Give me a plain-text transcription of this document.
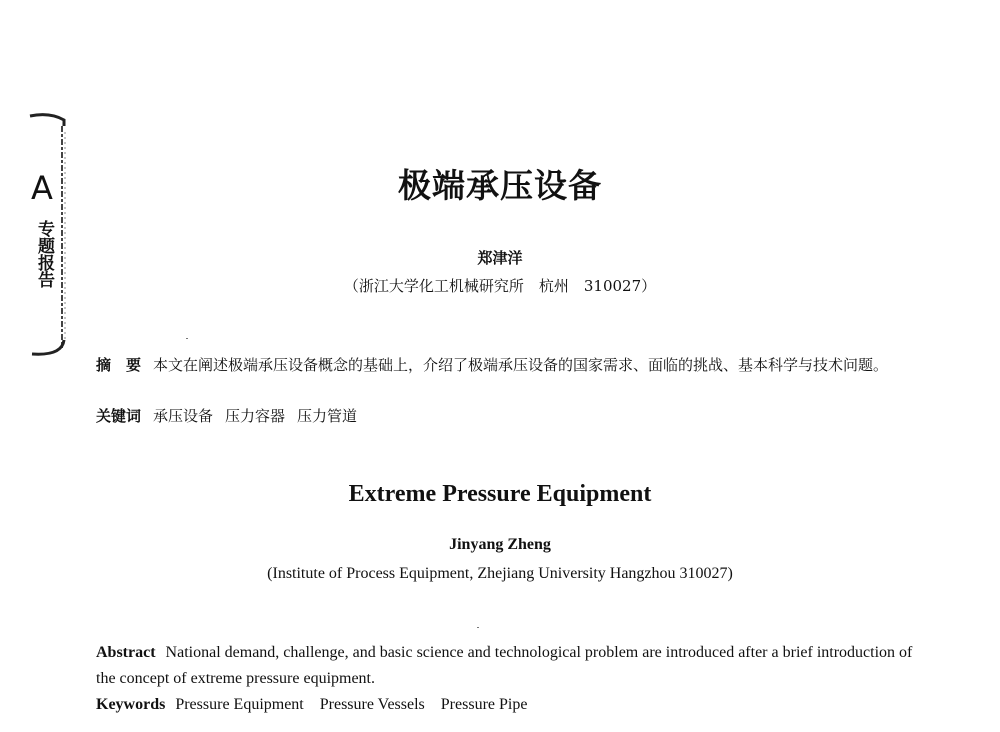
A
专题报告
极端承压设备
郑津洋
（浙江大学化工机械研究所　杭州　310027）
摘　要 本文在阐述极端承压设备概念的基础上，介绍了极端承压设备的国家需求、面临的挑战、基本科学与技术问题。
关键词 承压设备 压力容器 压力管道
Extreme Pressure Equipment
Jinyang Zheng
(Institute of Process Equipment, Zhejiang University Hangzhou 310027)
Abstract National demand, challenge, and basic science and technological problem are introduced after a brief introduction of the concept of extreme pressure equipment.
Keywords Pressure Equipment Pressure Vessels Pressure Pipe
